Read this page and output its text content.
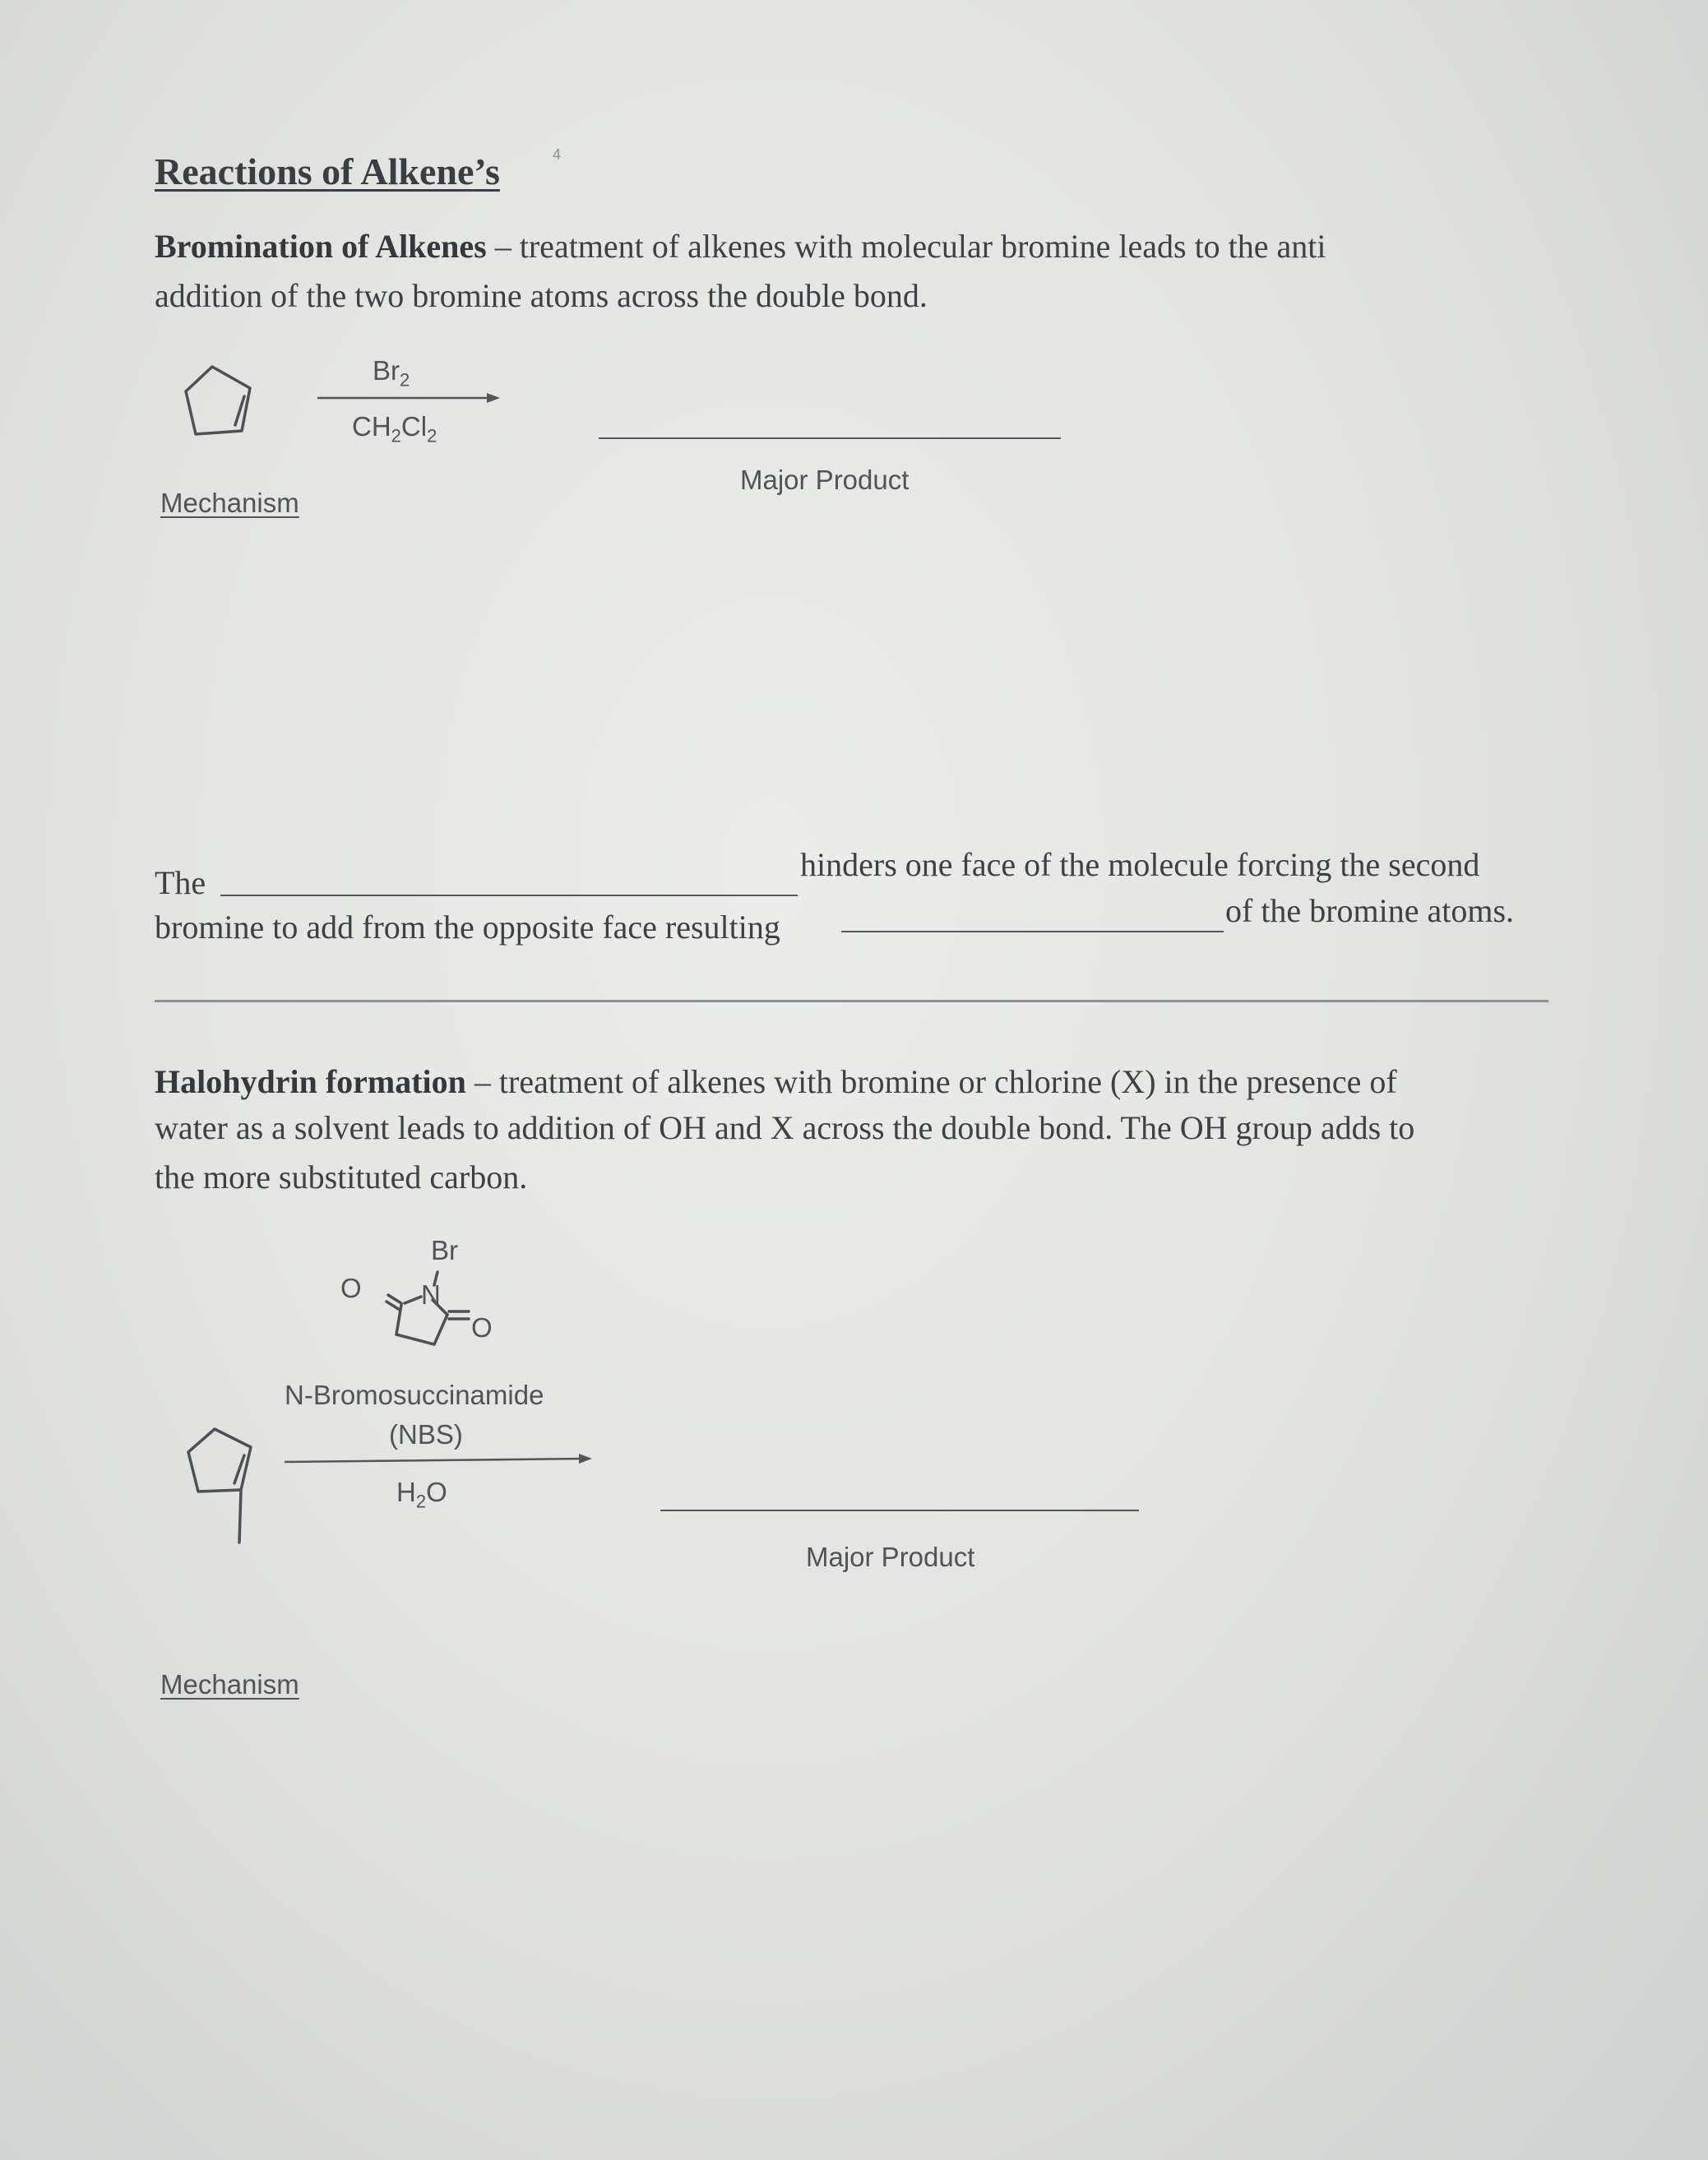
Reactions of Alkene’s	4
Bromination of Alkenes – treatment of alkenes with molecular bromine leads to the anti
addition of the two bromine atoms across the double bond.
$Br_2$
$CH_2Cl_2$
Major Product
Mechanism
The	hinders one face of the molecule forcing the second
bromine to add from the opposite face resulting	of the bromine atoms.
Halohydrin formation – treatment of alkenes with bromine or chlorine (X) in the presence of
water as a solvent leads to addition of OH and X across the double bond. The OH group adds to
the more substituted carbon.
Br
N
O
O
N-Bromosuccinamide
(NBS)
$H_2O$
Major Product
Mechanism
